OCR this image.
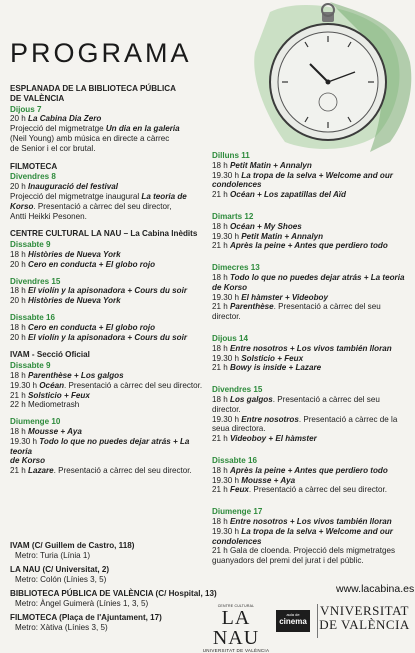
PROGRAMA
ESPLANADA DE LA BIBLIOTECA PÚBLICA
DE VALÈNCIA
Dijous 7
20 h La Cabina Dia Zero
Projecció del migmetratge Un dia en la galeria
(Neil Young) amb música en directe a càrrec
de Senior i el cor brutal.
FILMOTECA
Divendres 8
20 h Inauguració del festival
Projecció del migmetratge inaugural La teoria de
Korso. Presentació a càrrec del seu director,
Antti Heikki Pesonen.
CENTRE CULTURAL LA NAU – La Cabina Inèdits
Dissabte 9
18 h Històries de Nueva York
20 h Cero en conducta + El globo rojo
Divendres 15
18 h El violín y la apisonadora + Cours du soir
20 h Històries de Nueva York
Dissabte 16
18 h Cero en conducta + El globo rojo
20 h El violín y la apisonadora + Cours du soir
IVAM - Secció Oficial
Dissabte 9
18 h Parenthèse + Los galgos
19.30 h Océan. Presentació a càrrec del seu director.
21 h Solsticio + Feux
22 h Mediometrash
Diumenge 10
18 h Mousse + Aya
19.30 h Todo lo que no puedes dejar atrás + La teoria
de Korso
21 h Lazare. Presentació a càrrec del seu director.
Dilluns 11
18 h Petit Matin + Annalyn
19.30 h La tropa de la selva + Welcome and our
condolences
21 h Océan + Los zapatillas del Aïd
Dimarts 12
18 h Océan + My Shoes
19.30 h Petit Matin + Annalyn
21 h Après la peine + Antes que perdiero todo
Dimecres 13
18 h Todo lo que no puedes dejar atrás + La teoria
de Korso
19.30 h El hàmster + Videoboy
21 h Parenthèse. Presentació a càrrec del seu director.
Dijous 14
18 h Entre nosotros + Los vivos también lloran
19.30 h Solsticio + Feux
21 h Bowy is inside + Lazare
Divendres 15
18 h Los galgos. Presentació a càrrec del seu director.
19.30 h Entre nosotros. Presentació a càrrec de la
seua directora.
21 h Videoboy + El hàmster
Dissabte 16
18 h Après la peine + Antes que perdiero todo
19.30 h Mousse + Aya
21 h Feux. Presentació a càrrec del seu director.
Diumenge 17
18 h Entre nosotros + Los vivos también lloran
19.30 h La tropa de la selva + Welcome and our
condolences
21 h Gala de cloenda. Projecció dels migmetratges
guanyadors del premi del jurat i del públic.
IVAM (C/ Guillem de Castro, 118)
Metro: Turia (Línia 1)
LA NAU (C/ Universitat, 2)
Metro: Colón (Línies 3, 5)
BIBLIOTECA PÚBLICA DE VALÈNCIA (C/ Hospital, 13)
Metro: Àngel Guimerà (Línies 1, 3, 5)
FILMOTECA (Plaça de l'Ajuntament, 17)
Metro: Xàtiva (Línies 3, 5)
www.lacabina.es
CENTRE CULTURAL
LA NAU
UNIVERSITAT DE VALÈNCIA
aula de
cinema
VNIVERSITAT
DE VALÈNCIA
